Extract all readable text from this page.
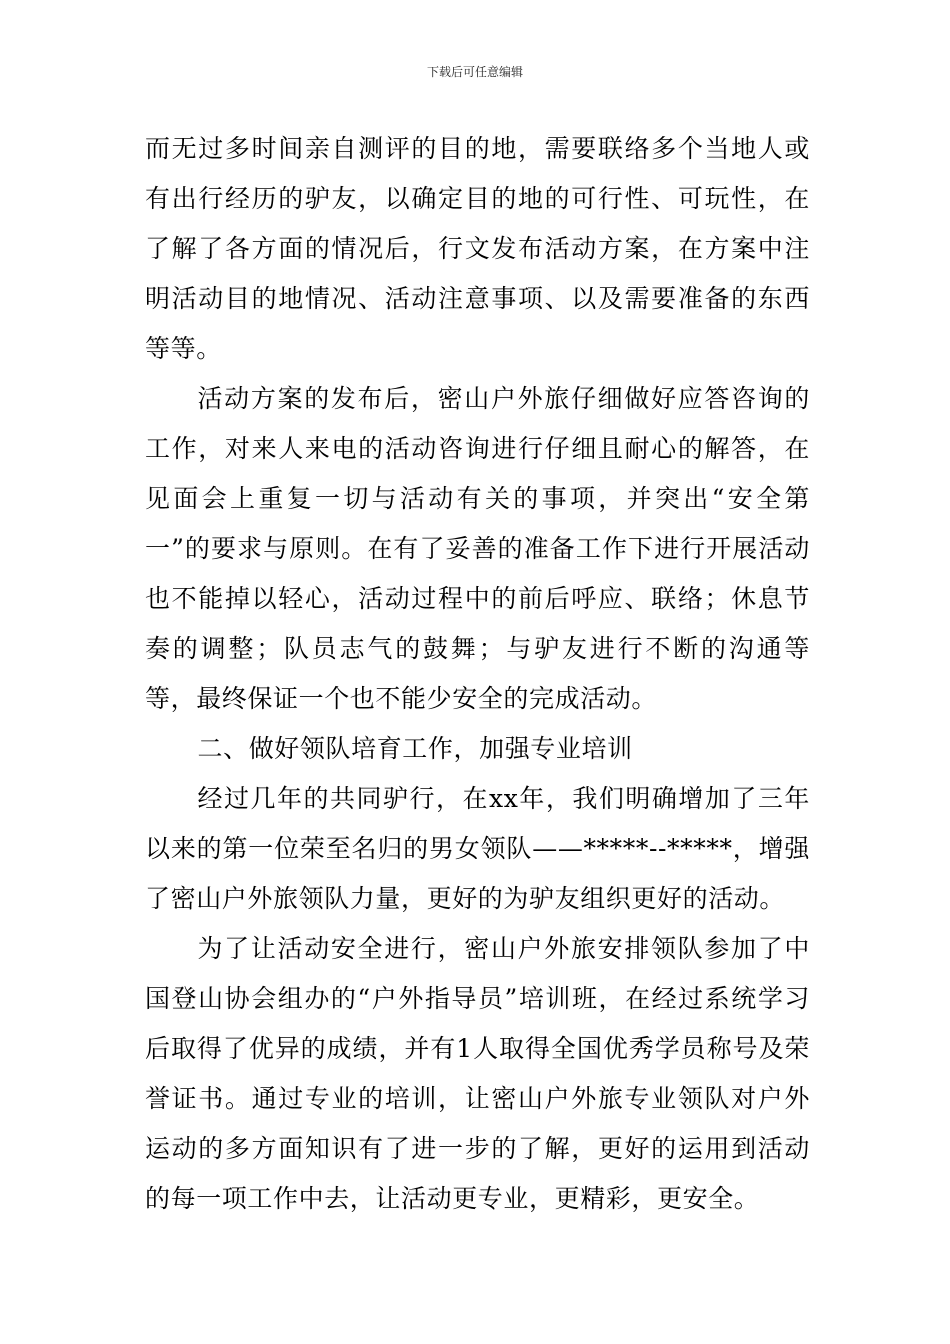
下载后可任意编辑

而无过多时间亲自测评的目的地，需要联络多个当地人或有出行经历的驴友，以确定目的地的可行性、可玩性，在了解了各方面的情况后，行文发布活动方案，在方案中注明活动目的地情况、活动注意事项、以及需要准备的东西等等。

活动方案的发布后，密山户外旅仔细做好应答咨询的工作，对来人来电的活动咨询进行仔细且耐心的解答，在见面会上重复一切与活动有关的事项，并突出“安全第一”的要求与原则。在有了妥善的准备工作下进行开展活动也不能掉以轻心，活动过程中的前后呼应、联络；休息节奏的调整；队员志气的鼓舞；与驴友进行不断的沟通等等，最终保证一个也不能少安全的完成活动。

二、做好领队培育工作，加强专业培训

经过几年的共同驴行，在xx年，我们明确增加了三年以来的第一位荣至名归的男女领队——*****--*****，增强了密山户外旅领队力量，更好的为驴友组织更好的活动。

为了让活动安全进行，密山户外旅安排领队参加了中国登山协会组办的“户外指导员”培训班，在经过系统学习后取得了优异的成绩，并有1人取得全国优秀学员称号及荣誉证书。通过专业的培训，让密山户外旅专业领队对户外运动的多方面知识有了进一步的了解，更好的运用到活动的每一项工作中去，让活动更专业，更精彩，更安全。
